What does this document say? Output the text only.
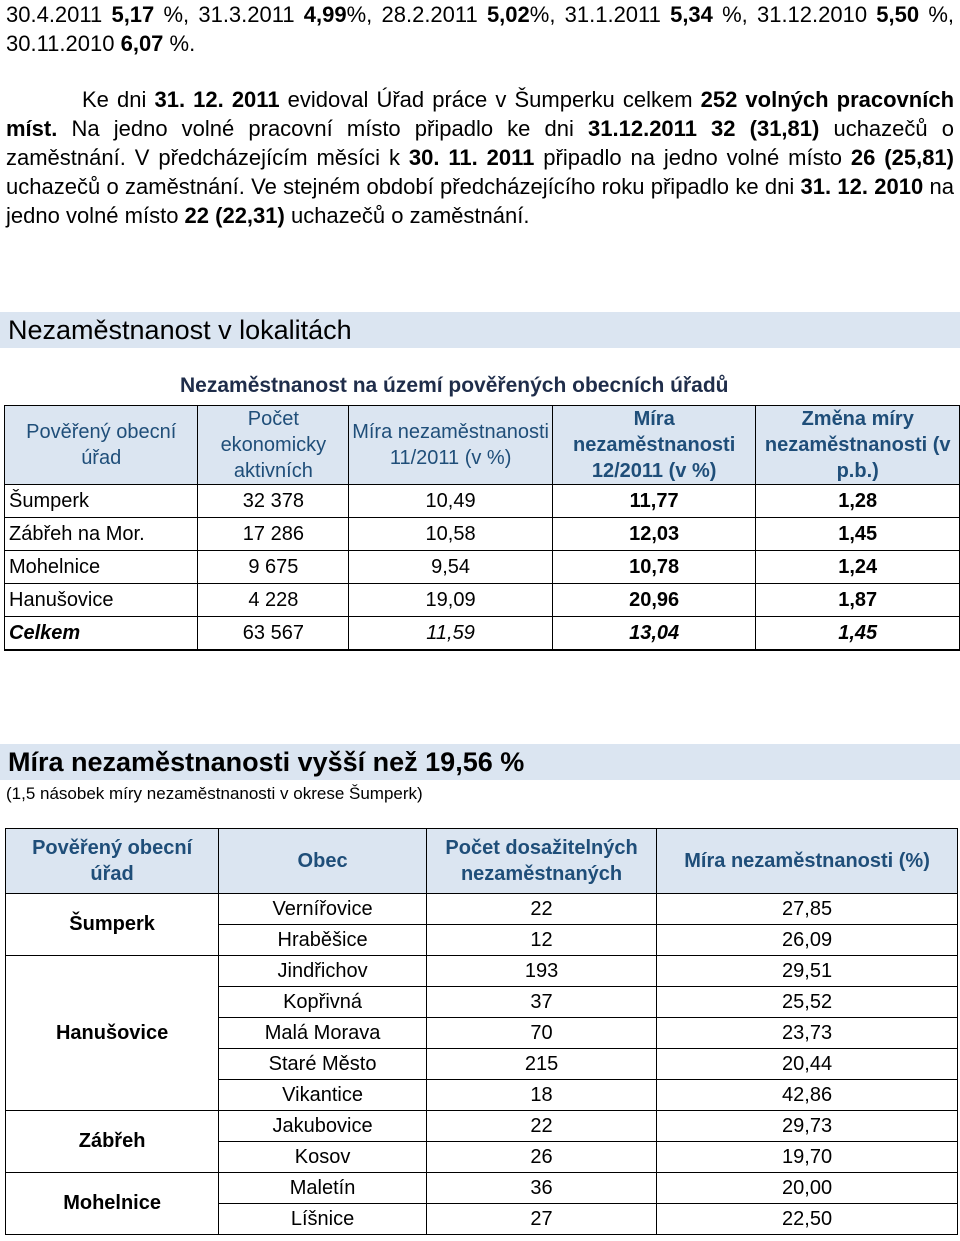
30.4.2011 5,17 %, 31.3.2011 4,99%, 28.2.2011 5,02%, 31.1.2011 5,34 %, 31.12.2010 5,50 %, 30.11.2010 6,07 %.
Ke dni 31. 12. 2011 evidoval Úřad práce v Šumperku celkem 252 volných pracovních míst. Na jedno volné pracovní místo připadlo ke dni 31.12.2011 32 (31,81) uchazečů o zaměstnání. V předcházejícím měsíci k 30. 11. 2011 připadlo na jedno volné místo 26 (25,81) uchazečů o zaměstnání. Ve stejném období předcházejícího roku připadlo ke dni 31. 12. 2010 na jedno volné místo 22 (22,31) uchazečů o zaměstnání.
Nezaměstnanost v lokalitách
Nezaměstnanost na území pověřených obecních úřadů
Pověřený obecní úřad	Počet ekonomicky aktivních	Míra nezaměstnanosti 11/2011 (v %)	Míra nezaměstnanosti 12/2011 (v %)	Změna míry nezaměstnanosti (v p.b.)
Šumperk	32 378	10,49	11,77	1,28
Zábřeh na Mor.	17 286	10,58	12,03	1,45
Mohelnice	9 675	9,54	10,78	1,24
Hanušovice	4 228	19,09	20,96	1,87
Celkem	63 567	11,59	13,04	1,45
Míra nezaměstnanosti vyšší než 19,56 %
(1,5 násobek míry nezaměstnanosti v okrese Šumperk)
Pověřený obecní úřad	Obec	Počet dosažitelných nezaměstnaných	Míra nezaměstnanosti (%)
Šumperk	Vernířovice	22	27,85
	Hraběšice	12	26,09
Hanušovice	Jindřichov	193	29,51
	Kopřivná	37	25,52
	Malá Morava	70	23,73
	Staré Město	215	20,44
	Vikantice	18	42,86
Zábřeh	Jakubovice	22	29,73
	Kosov	26	19,70
Mohelnice	Maletín	36	20,00
	Líšnice	27	22,50
